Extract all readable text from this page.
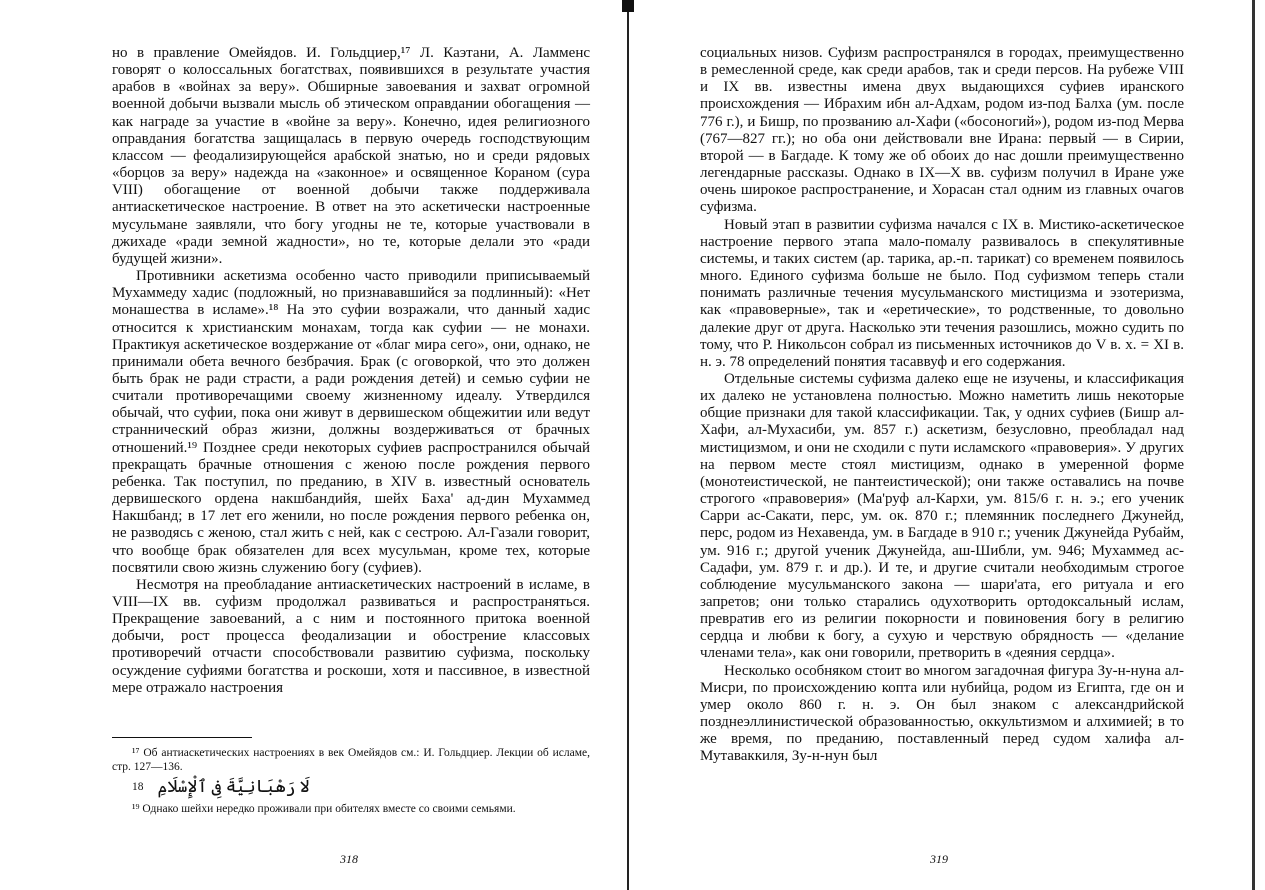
но в правление Омейядов. И. Гольдциер,¹⁷ Л. Каэтани, А. Ламменс говорят о колоссальных богатствах, появившихся в результате участия арабов в «войнах за веру». Обширные завоевания и захват огромной военной добычи вызвали мысль об этическом оправдании обогащения — как награде за участие в «войне за веру». Конечно, идея религиозного оправдания богатства защищалась в первую очередь господствующим классом — феодализирующейся арабской знатью, но и среди рядовых «борцов за веру» надежда на «законное» и освященное Кораном (сура VIII) обогащение от военной добычи также поддерживала антиаскетическое настроение. В ответ на это аскетически настроенные мусульмане заявляли, что богу угодны не те, которые участвовали в джихаде «ради земной жадности», но те, которые делали это «ради будущей жизни».

Противники аскетизма особенно часто приводили приписываемый Мухаммеду хадис (подложный, но признававшийся за подлинный): «Нет монашества в исламе».¹⁸ На это суфии возражали, что данный хадис относится к христианским монахам, тогда как суфии — не монахи. Практикуя аскетическое воздержание от «благ мира сего», они, однако, не принимали обета вечного безбрачия. Брак (с оговоркой, что это должен быть брак не ради страсти, а ради рождения детей) и семью суфии не считали противоречащими своему жизненному идеалу. Утвердился обычай, что суфии, пока они живут в дервишеском общежитии или ведут страннический образ жизни, должны воздерживаться от брачных отношений.¹⁹ Позднее среди некоторых суфиев распространился обычай прекращать брачные отношения с женою после рождения первого ребенка. Так поступил, по преданию, в XIV в. известный основатель дервишеского ордена накшбандийя, шейх Баха' ад-дин Мухаммед Накшбанд; в 17 лет его женили, но после рождения первого ребенка он, не разводясь с женою, стал жить с ней, как с сестрою. Ал-Газали говорит, что вообще брак обязателен для всех мусульман, кроме тех, которые посвятили свою жизнь служению богу (суфиев).

Несмотря на преобладание антиаскетических настроений в исламе, в VIII—IX вв. суфизм продолжал развиваться и распространяться. Прекращение завоеваний, а с ним и постоянного притока военной добычи, рост процесса феодализации и обострение классовых противоречий отчасти способствовали развитию суфизма, поскольку осуждение суфиями богатства и роскоши, хотя и пассивное, в известной мере отражало настроения

¹⁷ Об антиаскетических настроениях в век Омейядов см.: И. Гольдциер. Лекции об исламе, стр. 127—136.

18 لَا رَهْبَانِيَّةَ فِى ٱلْإِسْلَامِ

¹⁹ Однако шейхи нередко проживали при обителях вместе со своими семьями.

318

социальных низов. Суфизм распространялся в городах, преимущественно в ремесленной среде, как среди арабов, так и среди персов. На рубеже VIII и IX вв. известны имена двух выдающихся суфиев иранского происхождения — Ибрахим ибн ал-Адхам, родом из-под Балха (ум. после 776 г.), и Бишр, по прозванию ал-Хафи («босоногий»), родом из-под Мерва (767—827 гг.); но оба они действовали вне Ирана: первый — в Сирии, второй — в Багдаде. К тому же об обоих до нас дошли преимущественно легендарные рассказы. Однако в IX—X вв. суфизм получил в Иране уже очень широкое распространение, и Хорасан стал одним из главных очагов суфизма.

Новый этап в развитии суфизма начался с IX в. Мистико-аскетическое настроение первого этапа мало-помалу развивалось в спекулятивные системы, и таких систем (ар. тарика, ар.-п. тарикат) со временем появилось много. Единого суфизма больше не было. Под суфизмом теперь стали понимать различные течения мусульманского мистицизма и эзотеризма, как «правоверные», так и «еретические», то родственные, то довольно далекие друг от друга. Насколько эти течения разошлись, можно судить по тому, что Р. Никольсон собрал из письменных источников до V в. х. = XI в. н. э. 78 определений понятия тасаввуф и его содержания.

Отдельные системы суфизма далеко еще не изучены, и классификация их далеко не установлена полностью. Можно наметить лишь некоторые общие признаки для такой классификации. Так, у одних суфиев (Бишр ал-Хафи, ал-Мухасиби, ум. 857 г.) аскетизм, безусловно, преобладал над мистицизмом, и они не сходили с пути исламского «правоверия». У других на первом месте стоял мистицизм, однако в умеренной форме (монотеистической, не пантеистической); они также оставались на почве строгого «правоверия» (Ма'руф ал-Кархи, ум. 815/6 г. н. э.; его ученик Сарри ас-Сакати, перс, ум. ок. 870 г.; племянник последнего Джунейд, перс, родом из Нехавенда, ум. в Багдаде в 910 г.; ученик Джунейда Рубайм, ум. 916 г.; другой ученик Джунейда, аш-Шибли, ум. 946; Мухаммед ас-Садафи, ум. 879 г. и др.). И те, и другие считали необходимым строгое соблюдение мусульманского закона — шари'ата, его ритуала и его запретов; они только старались одухотворить ортодоксальный ислам, превратив его из религии покорности и повиновения богу в религию сердца и любви к богу, а сухую и черствую обрядность — «делание членами тела», как они говорили, претворить в «деяния сердца».

Несколько особняком стоит во многом загадочная фигура Зу-н-нуна ал-Мисри, по происхождению копта или нубийца, родом из Египта, где он и умер около 860 г. н. э. Он был знаком с александрийской позднеэллинистической образованностью, оккультизмом и алхимией; в то же время, по преданию, поставленный перед судом халифа ал-Мутаваккиля, Зу-н-нун был

319
